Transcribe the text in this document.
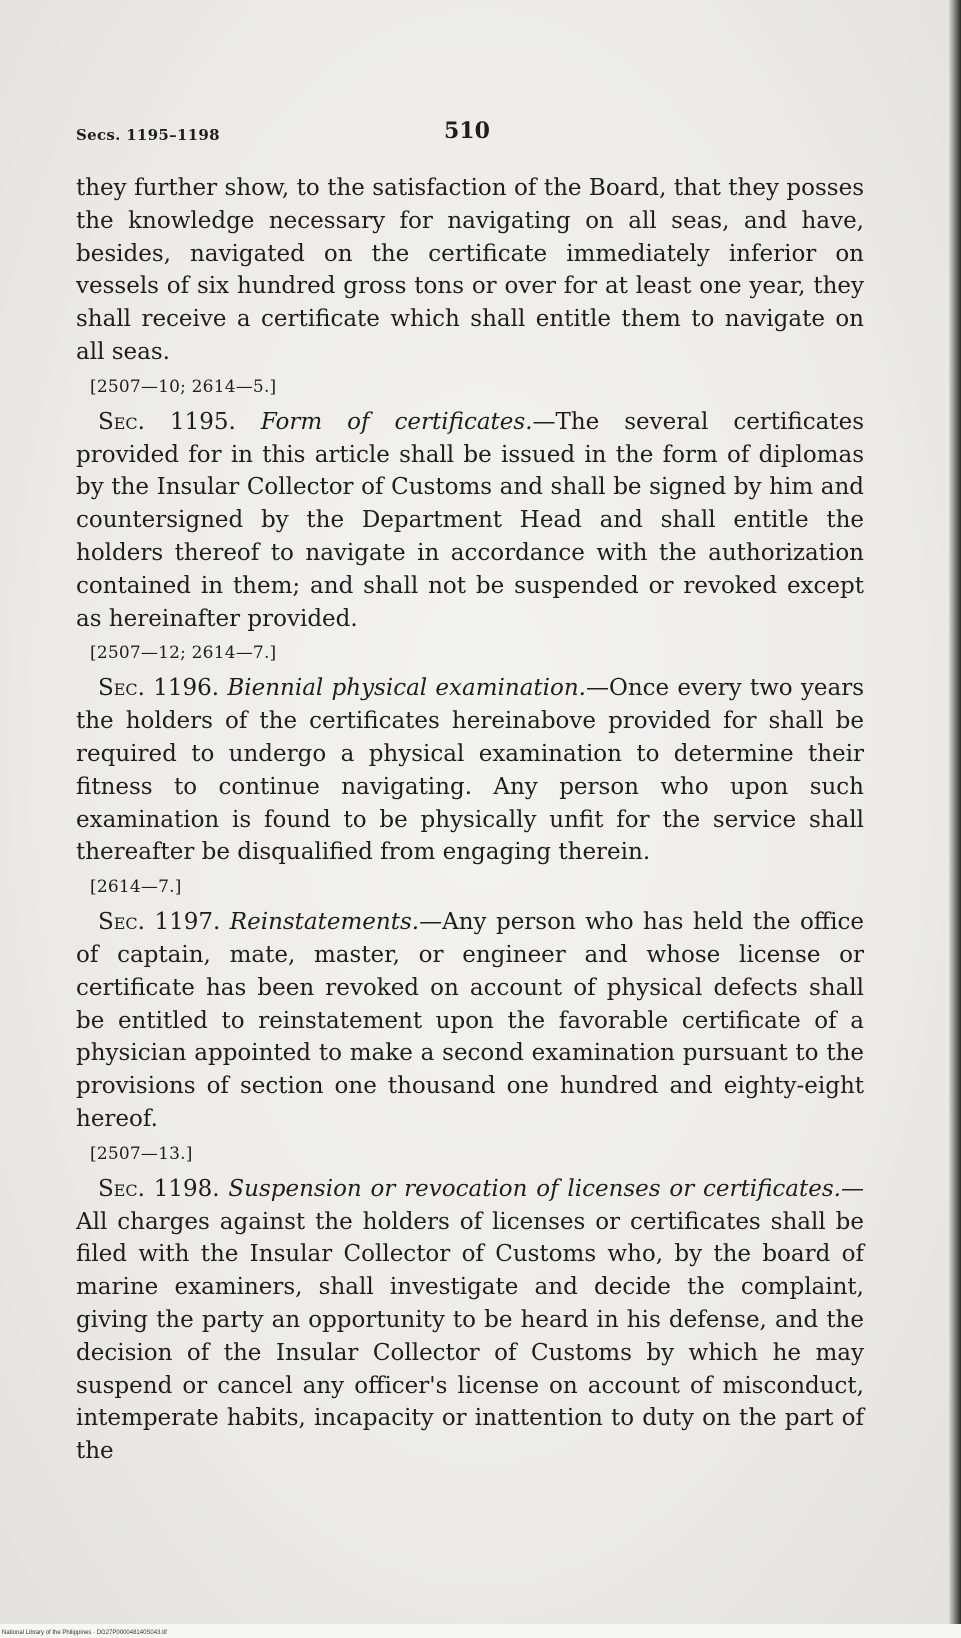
Secs. 1195–1198	510

they further show, to the satisfaction of the Board, that they posses the knowledge necessary for navigating on all seas, and have, besides, navigated on the certificate immediately inferior on vessels of six hundred gross tons or over for at least one year, they shall receive a certificate which shall entitle them to navigate on all seas.

[2507—10; 2614—5.]

Sec. 1195. Form of certificates.—The several certificates provided for in this article shall be issued in the form of diplomas by the Insular Collector of Customs and shall be signed by him and countersigned by the Department Head and shall entitle the holders thereof to navigate in accordance with the authorization contained in them; and shall not be suspended or revoked except as hereinafter provided.

[2507—12; 2614—7.]

Sec. 1196. Biennial physical examination.—Once every two years the holders of the certificates hereinabove provided for shall be required to undergo a physical examination to determine their fitness to continue navigating. Any person who upon such examination is found to be physically unfit for the service shall thereafter be disqualified from engaging therein.

[2614—7.]

Sec. 1197. Reinstatements.—Any person who has held the office of captain, mate, master, or engineer and whose license or certificate has been revoked on account of physical defects shall be entitled to reinstatement upon the favorable certificate of a physician appointed to make a second examination pursuant to the provisions of section one thousand one hundred and eighty-eight hereof.

[2507—13.]

Sec. 1198. Suspension or revocation of licenses or certificates.—All charges against the holders of licenses or certificates shall be filed with the Insular Collector of Customs who, by the board of marine examiners, shall investigate and decide the complaint, giving the party an opportunity to be heard in his defense, and the decision of the Insular Collector of Customs by which he may suspend or cancel any officer's license on account of misconduct, intemperate habits, incapacity or inattention to duty on the part of the

National Library of the Philippines · DG27P000048140S043.tif
